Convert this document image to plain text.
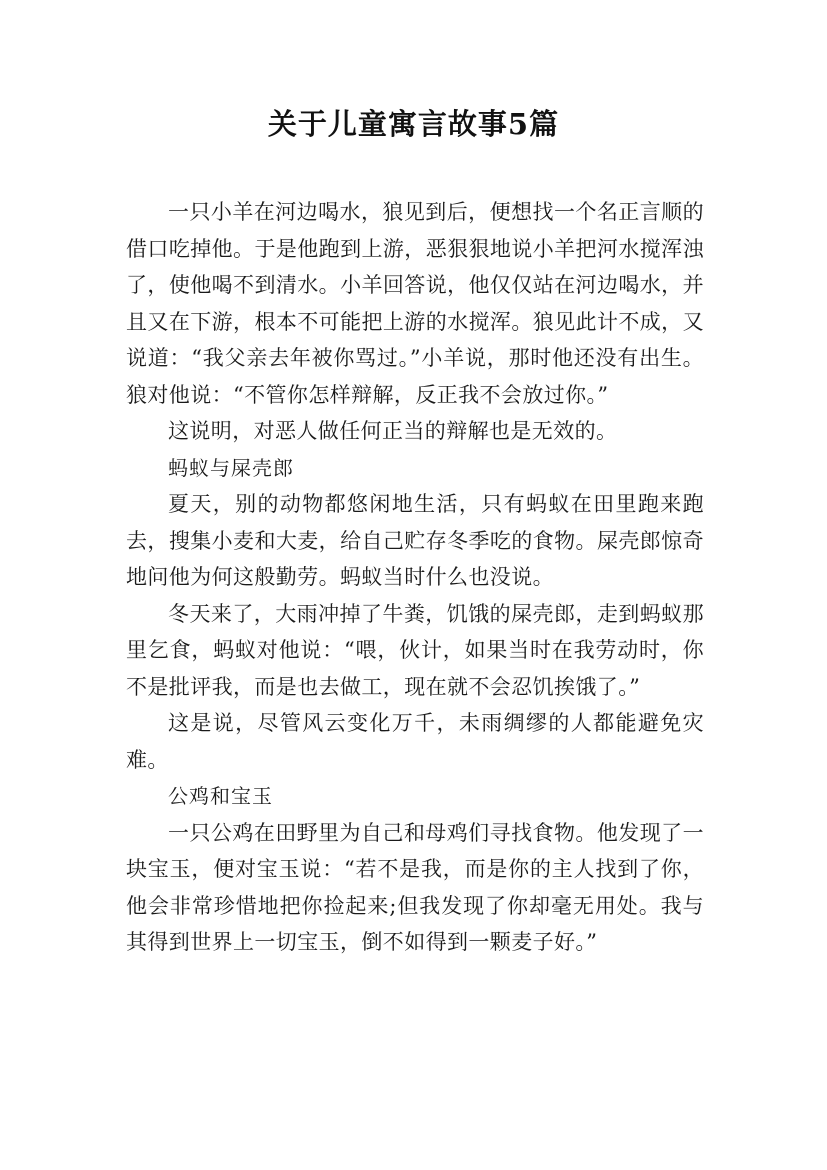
关于儿童寓言故事5篇

一只小羊在河边喝水，狼见到后，便想找一个名正言顺的借口吃掉他。于是他跑到上游，恶狠狠地说小羊把河水搅浑浊了，使他喝不到清水。小羊回答说，他仅仅站在河边喝水，并且又在下游，根本不可能把上游的水搅浑。狼见此计不成，又说道：“我父亲去年被你骂过。”小羊说，那时他还没有出生。狼对他说：“不管你怎样辩解，反正我不会放过你。”

这说明，对恶人做任何正当的辩解也是无效的。

蚂蚁与屎壳郎

夏天，别的动物都悠闲地生活，只有蚂蚁在田里跑来跑去，搜集小麦和大麦，给自己贮存冬季吃的食物。屎壳郎惊奇地问他为何这般勤劳。蚂蚁当时什么也没说。

冬天来了，大雨冲掉了牛粪，饥饿的屎壳郎，走到蚂蚁那里乞食，蚂蚁对他说：“喂，伙计，如果当时在我劳动时，你不是批评我，而是也去做工，现在就不会忍饥挨饿了。”

这是说，尽管风云变化万千，未雨绸缪的人都能避免灾难。

公鸡和宝玉

一只公鸡在田野里为自己和母鸡们寻找食物。他发现了一块宝玉，便对宝玉说：“若不是我，而是你的主人找到了你，他会非常珍惜地把你捡起来;但我发现了你却毫无用处。我与其得到世界上一切宝玉，倒不如得到一颗麦子好。”
